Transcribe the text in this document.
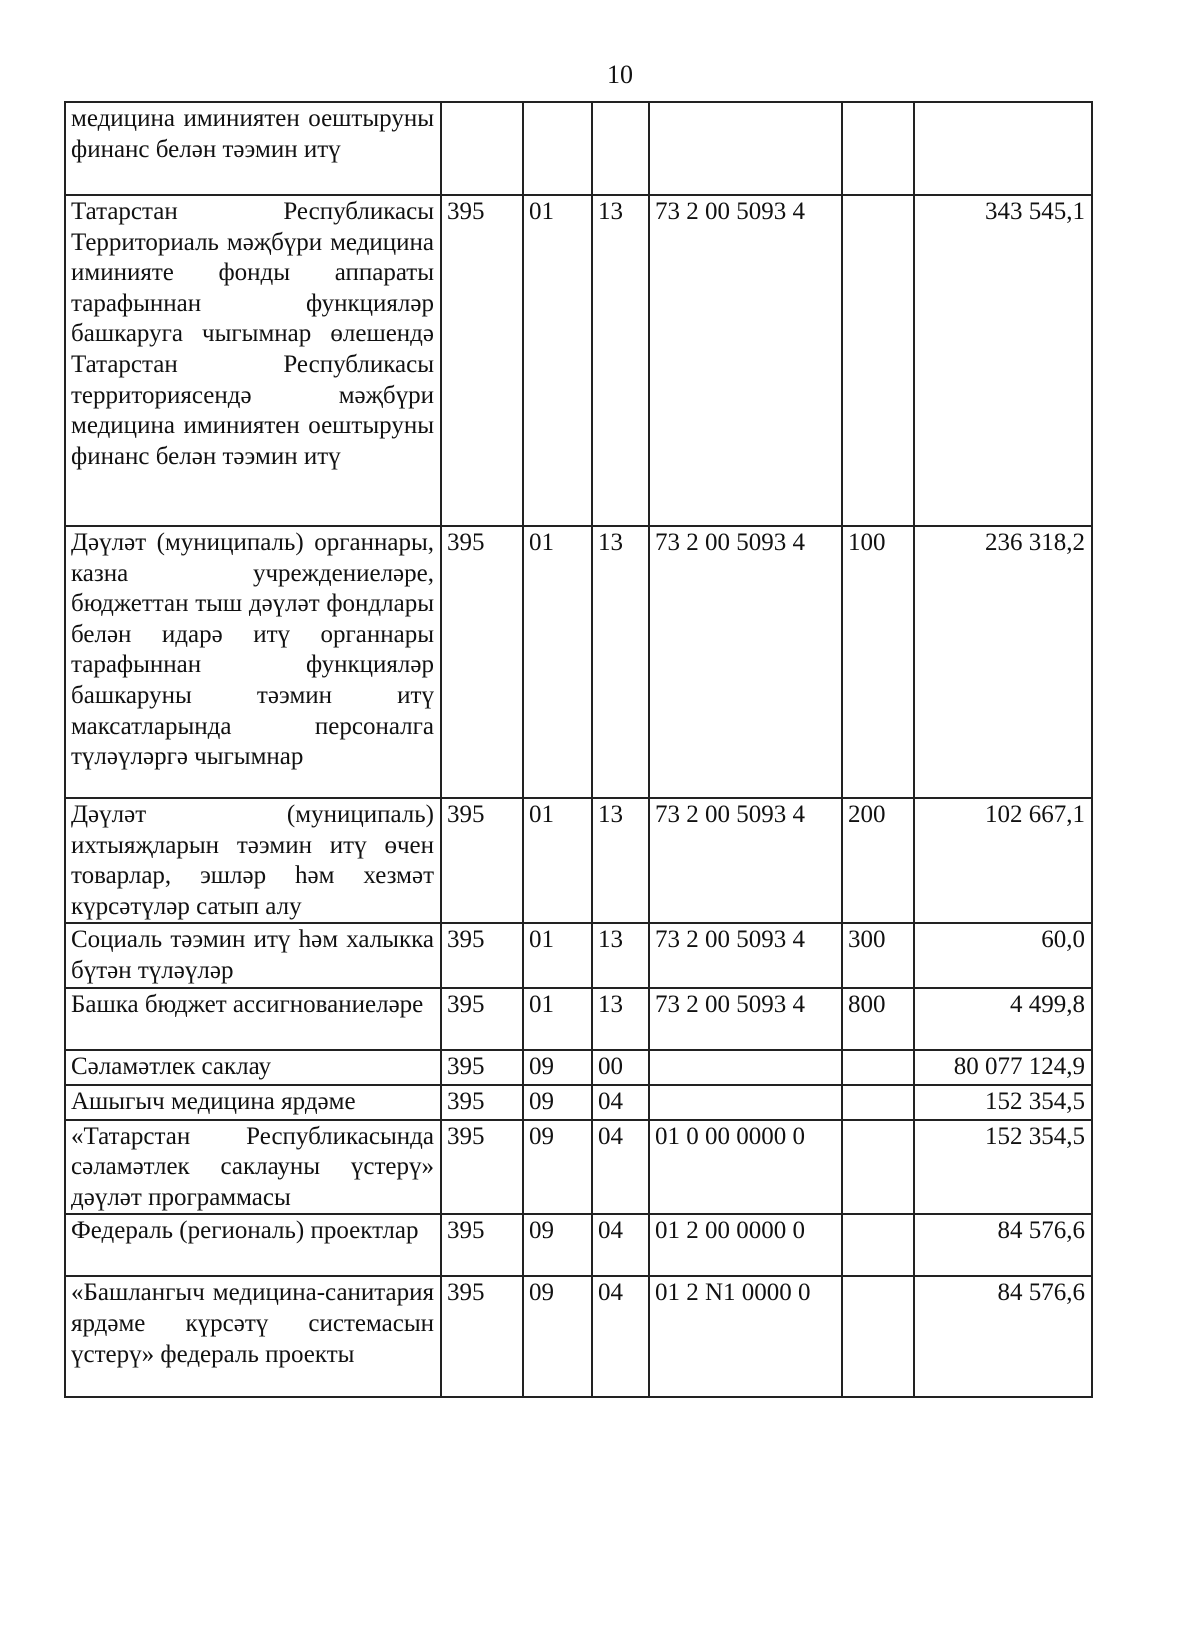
10
медицина иминиятен оештыруны финанс белән тәэмин итү						
Татарстан Республикасы Территориаль мәҗбүри медицина иминияте фонды аппараты тарафыннан функцияләр башкаруга чыгымнар өлешендә Татарстан Республикасы территориясендә мәҗбүри медицина иминиятен оештыруны финанс белән тәэмин итү	395	01	13	73 2 00 5093 4		343 545,1
Дәүләт (муниципаль) органнары, казна учреждениеләре, бюджеттан тыш дәүләт фондлары белән идарә итү органнары тарафыннан функцияләр башкаруны тәэмин итү максатларында персоналга түләүләргә чыгымнар	395	01	13	73 2 00 5093 4	100	236 318,2
Дәүләт (муниципаль) ихтыяҗларын тәэмин итү өчен товарлар, эшләр һәм хезмәт күрсәтүләр сатып алу	395	01	13	73 2 00 5093 4	200	102 667,1
Социаль тәэмин итү һәм халыкка бүтән түләүләр	395	01	13	73 2 00 5093 4	300	60,0
Башка бюджет ассигнованиеләре	395	01	13	73 2 00 5093 4	800	4 499,8
Сәламәтлек саклау	395	09	00			80 077 124,9
Ашыгыч медицина ярдәме	395	09	04			152 354,5
«Татарстан Республикасында сәламәтлек саклауны үстерү» дәүләт программасы	395	09	04	01 0 00 0000 0		152 354,5
Федераль (региональ) проектлар	395	09	04	01 2 00 0000 0		84 576,6
«Башлангыч медицина-санитария ярдәме күрсәтү системасын үстерү» федераль проекты	395	09	04	01 2 N1 0000 0		84 576,6
